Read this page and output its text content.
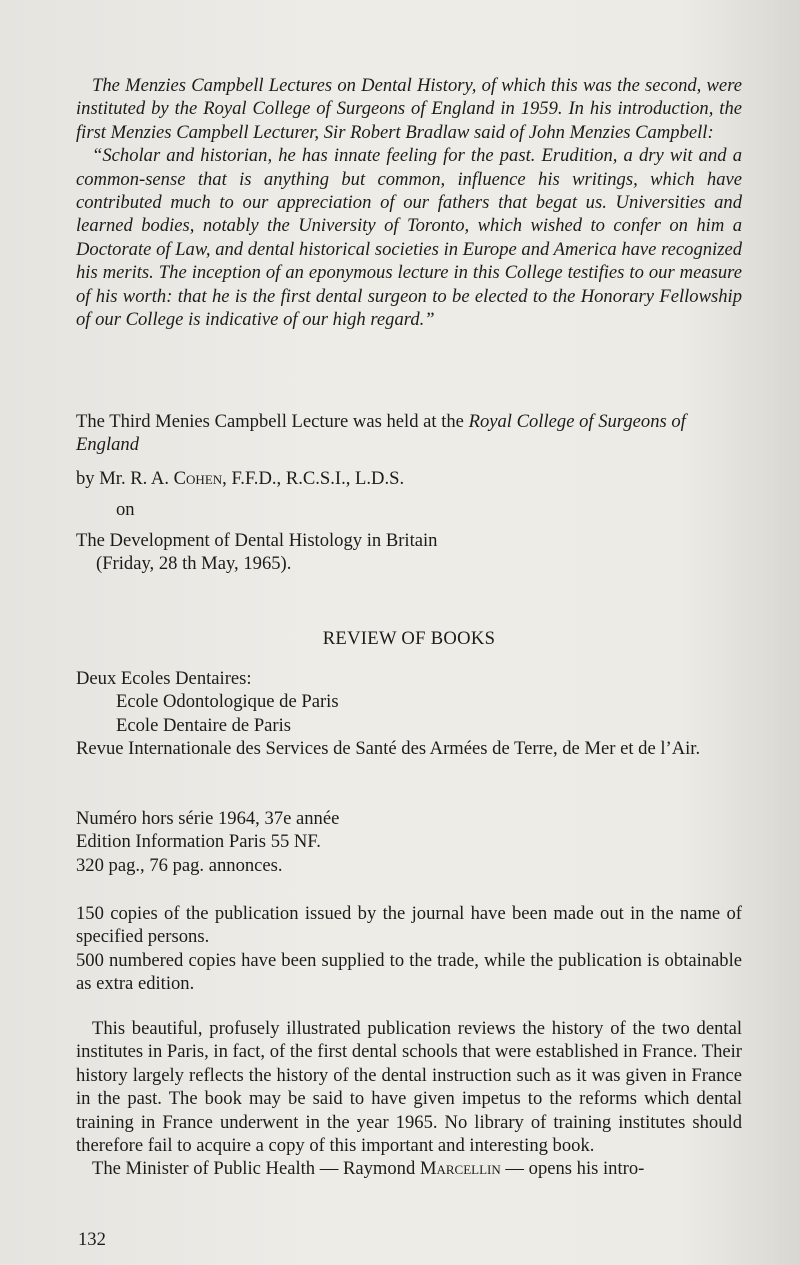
The Menzies Campbell Lectures on Dental History, of which this was the second, were instituted by the Royal College of Surgeons of England in 1959. In his introduction, the first Menzies Campbell Lecturer, Sir Robert Bradlaw said of John Menzies Campbell:

“Scholar and historian, he has innate feeling for the past. Erudition, a dry wit and a common-sense that is anything but common, influence his writings, which have contributed much to our appreciation of our fathers that begat us. Universities and learned bodies, notably the University of Toronto, which wished to confer on him a Doctorate of Law, and dental historical societies in Europe and America have recognized his merits. The inception of an eponymous lecture in this College testifies to our measure of his worth: that he is the first dental surgeon to be elected to the Honorary Fellowship of our College is indicative of our high regard.”

The Third Menies Campbell Lecture was held at the Royal College of Surgeons of England

by Mr. R. A. Cohen, F.F.D., R.C.S.I., L.D.S.

on

The Development of Dental Histology in Britain

(Friday, 28 th May, 1965).

REVIEW OF BOOKS

Deux Ecoles Dentaires:

Ecole Odontologique de Paris

Ecole Dentaire de Paris

Revue Internationale des Services de Santé des Armées de Terre, de Mer et de l’Air.

Numéro hors série 1964, 37e année

Edition Information Paris 55 NF.

320 pag., 76 pag. annonces.

150 copies of the publication issued by the journal have been made out in the name of specified persons.

500 numbered copies have been supplied to the trade, while the publication is obtainable as extra edition.

This beautiful, profusely illustrated publication reviews the history of the two dental institutes in Paris, in fact, of the first dental schools that were established in France. Their history largely reflects the history of the dental instruction such as it was given in France in the past. The book may be said to have given impetus to the reforms which dental training in France underwent in the year 1965. No library of training institutes should therefore fail to acquire a copy of this important and interesting book.

The Minister of Public Health — Raymond Marcellin — opens his intro-

132
